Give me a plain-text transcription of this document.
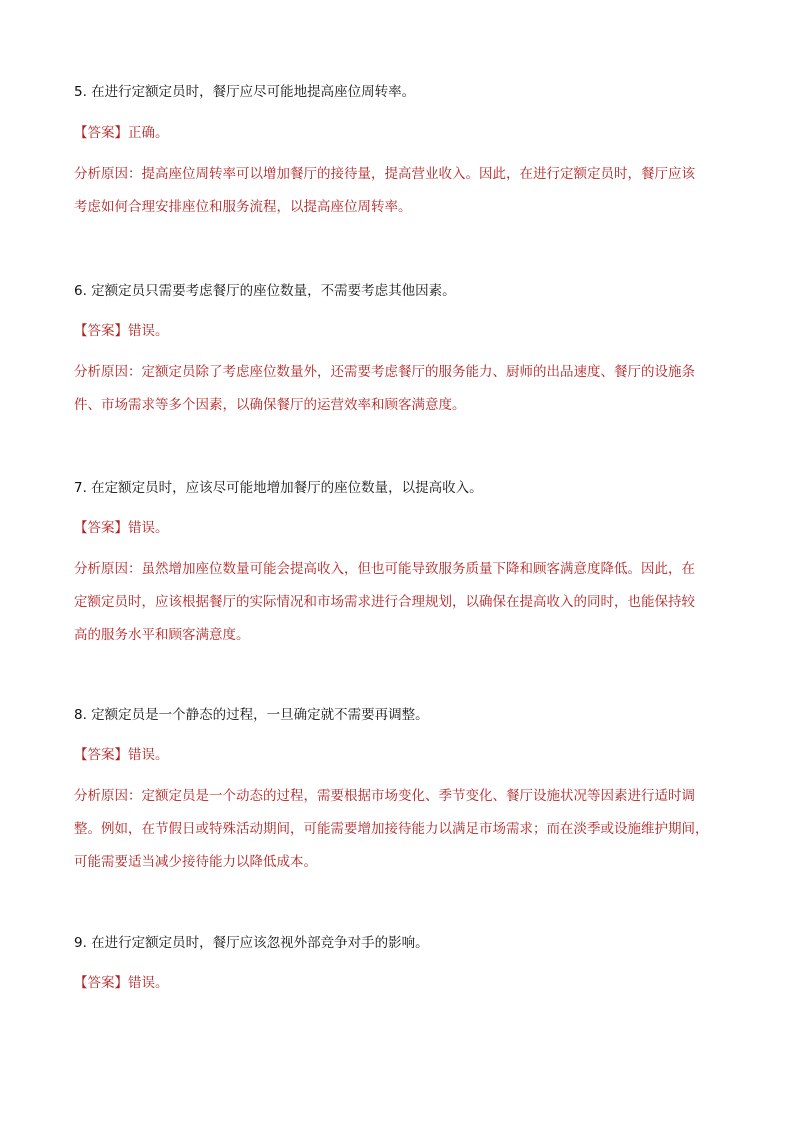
5. 在进行定额定员时，餐厅应尽可能地提高座位周转率。
【答案】正确。
分析原因：提高座位周转率可以增加餐厅的接待量，提高营业收入。因此，在进行定额定员时，餐厅应该
考虑如何合理安排座位和服务流程，以提高座位周转率。
6. 定额定员只需要考虑餐厅的座位数量，不需要考虑其他因素。
【答案】错误。
分析原因：定额定员除了考虑座位数量外，还需要考虑餐厅的服务能力、厨师的出品速度、餐厅的设施条
件、市场需求等多个因素，以确保餐厅的运营效率和顾客满意度。
7. 在定额定员时，应该尽可能地增加餐厅的座位数量，以提高收入。
【答案】错误。
分析原因：虽然增加座位数量可能会提高收入，但也可能导致服务质量下降和顾客满意度降低。因此，在
定额定员时，应该根据餐厅的实际情况和市场需求进行合理规划，以确保在提高收入的同时，也能保持较
高的服务水平和顾客满意度。
8. 定额定员是一个静态的过程，一旦确定就不需要再调整。
【答案】错误。
分析原因：定额定员是一个动态的过程，需要根据市场变化、季节变化、餐厅设施状况等因素进行适时调
整。例如，在节假日或特殊活动期间，可能需要增加接待能力以满足市场需求；而在淡季或设施维护期间，
可能需要适当减少接待能力以降低成本。
9. 在进行定额定员时，餐厅应该忽视外部竞争对手的影响。
【答案】错误。
